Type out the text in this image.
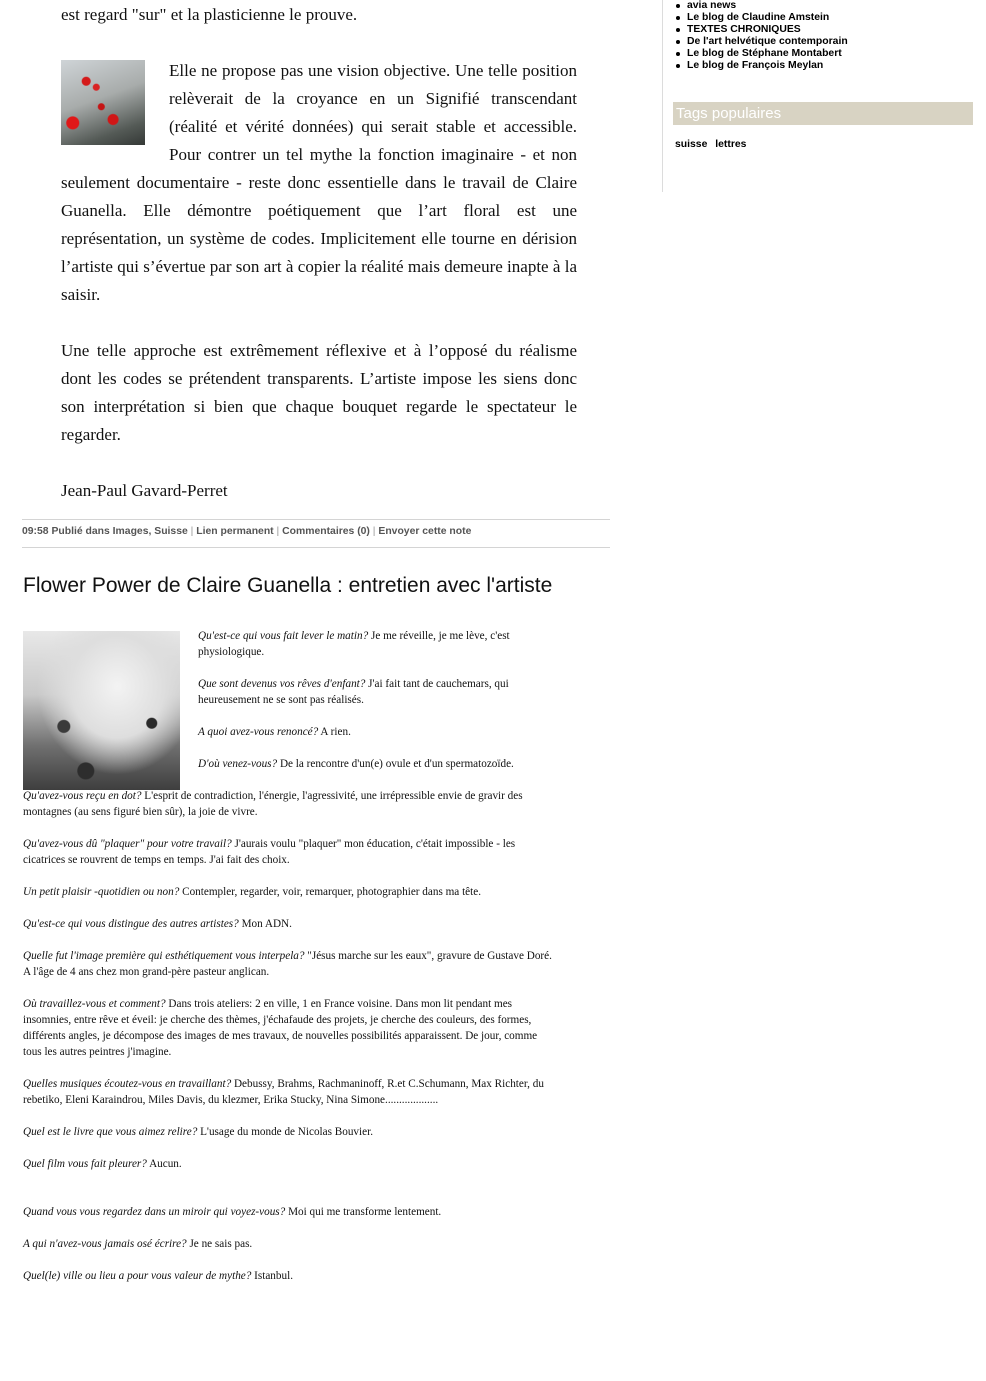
avia news
Le blog de Claudine Amstein
TEXTES CHRONIQUES
De l'art helvétique contemporain
Le blog de Stéphane Montabert
Le blog de François Meylan
Tags populaires
suisse lettres

est regard "sur" et la plasticienne le prouve.

Elle ne propose pas une vision objective. Une telle position relèverait de la croyance en un Signifié transcendant (réalité et vérité données) qui serait stable et accessible. Pour contrer un tel mythe la fonction imaginaire - et non seulement documentaire - reste donc essentielle dans le travail de Claire Guanella. Elle démontre poétiquement que l’art floral est une représentation, un système de codes. Implicitement elle tourne en dérision l’artiste qui s’évertue par son art à copier la réalité mais demeure inapte à la saisir.

Une telle approche est extrêmement réflexive et à l’opposé du réalisme dont les codes se prétendent transparents. L’artiste impose les siens donc son interprétation si bien que chaque bouquet regarde le spectateur le regarder.

Jean-Paul Gavard-Perret

09:58 Publié dans Images, Suisse | Lien permanent | Commentaires (0) | Envoyer cette note
Flower Power de Claire Guanella : entretien avec l'artiste

Qu'est-ce qui vous fait lever le matin? Je me réveille, je me lève, c'est physiologique.

Que sont devenus vos rêves d'enfant? J'ai fait tant de cauchemars, qui heureusement ne se sont pas réalisés.

A quoi avez-vous renoncé? A rien.

D'où venez-vous? De la rencontre d'un(e) ovule et d'un spermatozoïde.

Qu'avez-vous reçu en dot? L'esprit de contradiction, l'énergie, l'agressivité, une irrépressible envie de gravir des montagnes (au sens figuré bien sûr), la joie de vivre.

Qu'avez-vous dû "plaquer" pour votre travail? J'aurais voulu "plaquer" mon éducation, c'était impossible - les cicatrices se rouvrent de temps en temps. J'ai fait des choix.

Un petit plaisir -quotidien ou non? Contempler, regarder, voir, remarquer, photographier dans ma tête.

Qu'est-ce qui vous distingue des autres artistes? Mon ADN.

Quelle fut l'image première qui esthétiquement vous interpela? "Jésus marche sur les eaux", gravure de Gustave Doré. A l'âge de 4 ans chez mon grand-père pasteur anglican.

Où travaillez-vous et comment? Dans trois ateliers: 2 en ville, 1 en France voisine. Dans mon lit pendant mes insomnies, entre rêve et éveil: je cherche des thèmes, j'échafaude des projets, je cherche des couleurs, des formes, différents angles, je décompose des images de mes travaux, de nouvelles possibilités apparaissent. De jour, comme tous les autres peintres j'imagine.

Quelles musiques écoutez-vous en travaillant? Debussy, Brahms, Rachmaninoff, R.et C.Schumann, Max Richter, du rebetiko, Eleni Karaindrou, Miles Davis, du klezmer, Erika Stucky, Nina Simone...................

Quel est le livre que vous aimez relire? L'usage du monde de Nicolas Bouvier.

Quel film vous fait pleurer? Aucun.

Quand vous vous regardez dans un miroir qui voyez-vous? Moi qui me transforme lentement.

A qui n'avez-vous jamais osé écrire? Je ne sais pas.

Quel(le) ville ou lieu a pour vous valeur de mythe? Istanbul.
